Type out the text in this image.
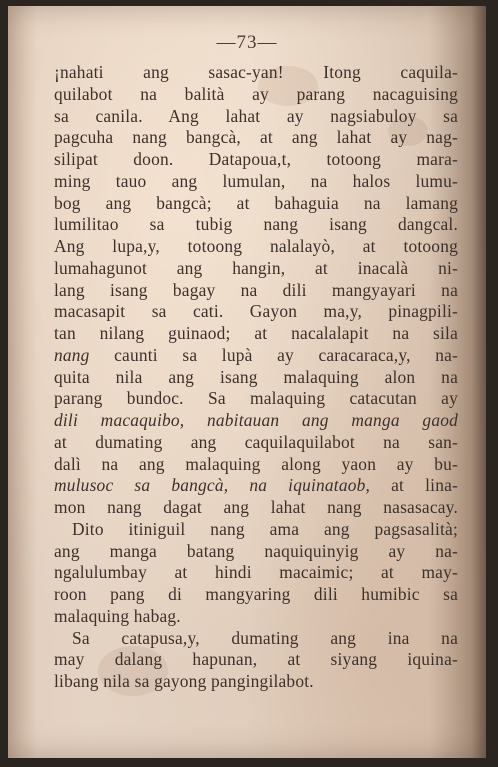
—73—
¡nahati ang sasac-yan! Itong caquila-
quilabot na balità ay parang nacaguising
sa canila. Ang lahat ay nagsiabuloy sa
pagcuha nang bangcà, at ang lahat ay nag-
silipat doon. Datapoua,t, totoong mara-
ming tauo ang lumulan, na halos lumu-
bog ang bangcà; at bahaguia na lamang
lumilitao sa tubig nang isang dangcal.
Ang lupa,y, totoong nalalayò, at totoong
lumahagunot ang hangin, at inacalà ni-
lang isang bagay na dili mangyayari na
macasapit sa cati. Gayon ma,y, pinagpili-
tan nilang guinaod; at nacalalapit na sila
nang caunti sa lupà ay caracaraca,y, na-
quita nila ang isang malaquing alon na
parang bundoc. Sa malaquing catacutan ay
dili macaquibo, nabitauan ang manga gaod
at dumating ang caquilaquilabot na san-
dalì na ang malaquing along yaon ay bu-
mulusoc sa bangcà, na iquinataob, at lina-
mon nang dagat ang lahat nang nasasacay.
Dito itiniguil nang ama ang pagsasalità;
ang manga batang naquiquinyig ay na-
ngalulumbay at hindi macaimic; at may-
roon pang di mangyaring dili humibic sa
malaquing habag.
Sa catapusa,y, dumating ang ina na
may dalang hapunan, at siyang iquina-
libang nila sa gayong pangingilabot.
